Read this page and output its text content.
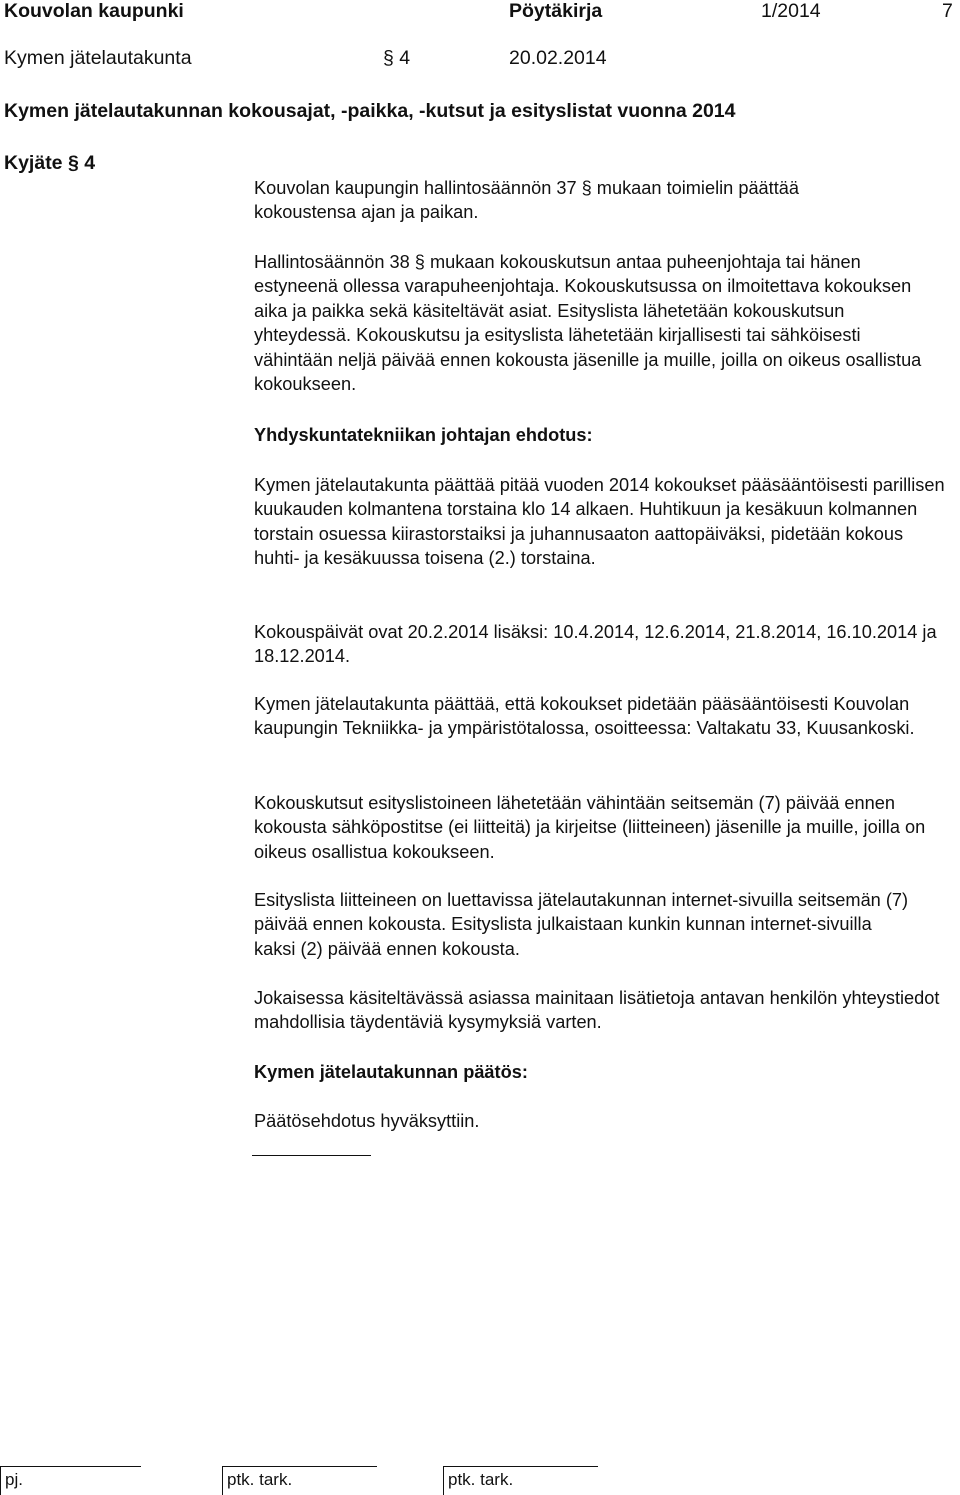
Kouvolan kaupunki	Pöytäkirja	1/2014	7
Kymen jätelautakunta	§ 4	20.02.2014
Kymen jätelautakunnan kokousajat, -paikka, -kutsut ja esityslistat vuonna 2014
Kyjäte § 4

Kouvolan kaupungin hallintosäännön 37 § mukaan toimielin päättää kokoustensa ajan ja paikan.

Hallintosäännön 38 § mukaan kokouskutsun antaa puheenjohtaja tai hänen estyneenä ollessa varapuheenjohtaja. Kokouskutsussa on ilmoitettava kokouksen aika ja paikka sekä käsiteltävät asiat. Esityslista lähetetään kokouskutsun yhteydessä. Kokouskutsu ja esityslista lähetetään kirjallisesti tai sähköisesti vähintään neljä päivää ennen kokousta jäsenille ja muille, joilla on oikeus osallistua kokoukseen.

Yhdyskuntatekniikan johtajan ehdotus:

Kymen jätelautakunta päättää pitää vuoden 2014 kokoukset pääsääntöisesti parillisen kuukauden kolmantena torstaina klo 14 alkaen. Huhtikuun ja kesäkuun kolmannen torstain osuessa kiirastorstaiksi ja juhannusaaton aattopäiväksi, pidetään kokous huhti- ja kesäkuussa toisena (2.) torstaina.

Kokouspäivät ovat 20.2.2014 lisäksi: 10.4.2014, 12.6.2014, 21.8.2014, 16.10.2014 ja 18.12.2014.

Kymen jätelautakunta päättää, että kokoukset pidetään pääsääntöisesti Kouvolan kaupungin Tekniikka- ja ympäristötalossa, osoitteessa: Valtakatu 33, Kuusankoski.

Kokouskutsut esityslistoineen lähetetään vähintään seitsemän (7) päivää ennen kokousta sähköpostitse (ei liitteitä) ja kirjeitse (liitteineen) jäsenille ja muille, joilla on oikeus osallistua kokoukseen.

Esityslista liitteineen on luettavissa jätelautakunnan internet-sivuilla seitsemän (7) päivää ennen kokousta. Esityslista julkaistaan kunkin kunnan internet-sivuilla kaksi (2) päivää ennen kokousta.

Jokaisessa käsiteltävässä asiassa mainitaan lisätietoja antavan henkilön yhteystiedot mahdollisia täydentäviä kysymyksiä varten.

Kymen jätelautakunnan päätös:

Päätösehdotus hyväksyttiin.

pj.	ptk. tark.	ptk. tark.
